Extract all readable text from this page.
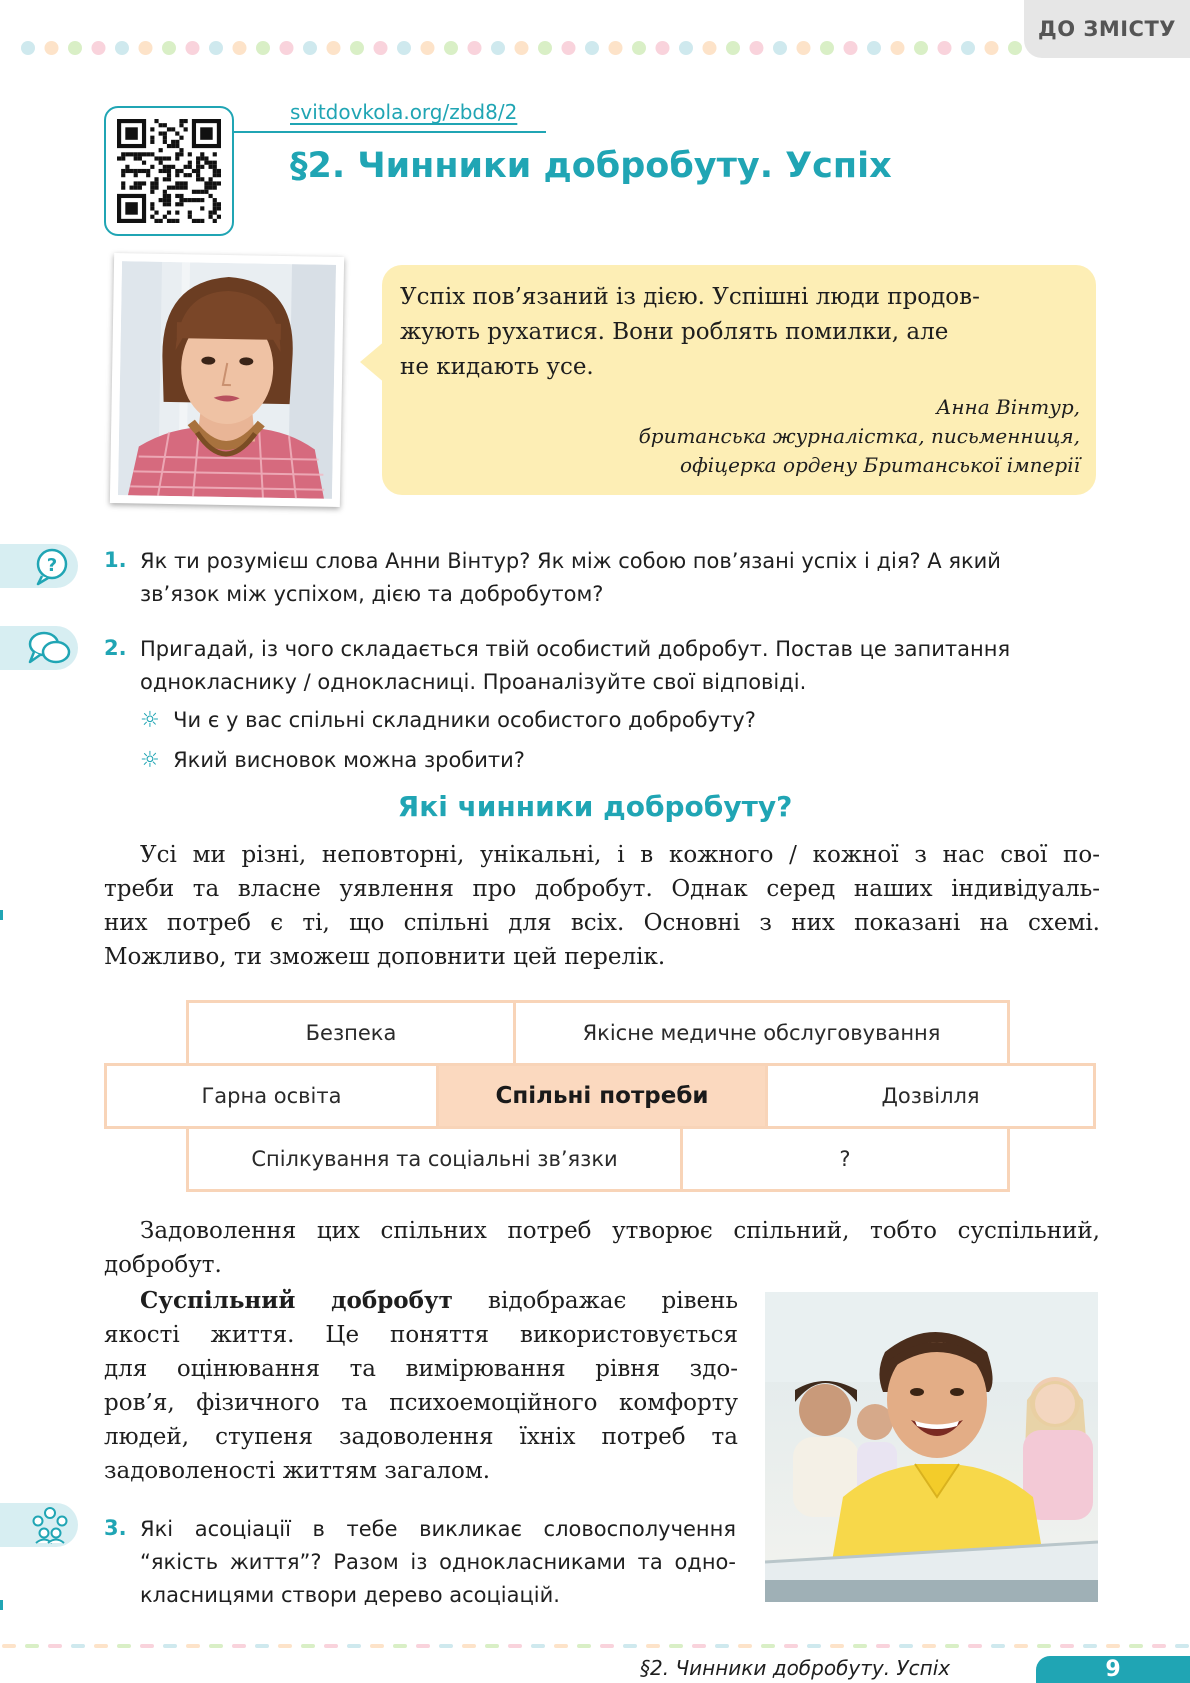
ДО ЗМІСТУ
svitdovkola.org/zbd8/2
§2. Чинники добробуту. Успіх
Успіх пов’язаний із дією. Успішні люди продов-
жують рухатися. Вони роблять помилки, але
не кидають усе.
Анна Вінтур,
британська журналістка, письменниця,
офіцерка ордену Британської імперії
? 1. Як ти розумієш слова Анни Вінтур? Як між собою пов’язані успіх і дія? А який
зв’язок між успіхом, дією та добробутом?
2. Пригадай, із чого складається твій особистий добробут. Постав це запитання
однокласнику / однокласниці. Проаналізуйте свої відповіді.
☼ Чи є у вас спільні складники особистого добробуту?
☼ Який висновок можна зробити?
Які чинники добробуту?
Усі ми різні, неповторні, унікальні, і в кожного / кожної з нас свої по-
треби та власне уявлення про добробут. Однак серед наших індивідуаль-
них потреб є ті, що спільні для всіх. Основні з них показані на схемі.
Можливо, ти зможеш доповнити цей перелік.
Безпека	Якісне медичне обслуговування
Гарна освіта	Спільні потреби	Дозвілля
Спілкування та соціальні зв’язки	?
Задоволення цих спільних потреб утворює спільний, тобто суспільний,
добробут.
Суспільний добробут відображає рівень
якості життя. Це поняття використовується
для оцінювання та вимірювання рівня здо-
ров’я, фізичного та психоемоційного комфорту
людей, ступеня задоволення їхніх потреб та
задоволеності життям загалом.
3. Які асоціації в тебе викликає словосполучення
“якість життя”? Разом із однокласниками та одно-
класницями створи дерево асоціацій.
§2. Чинники добробуту. Успіх	9
